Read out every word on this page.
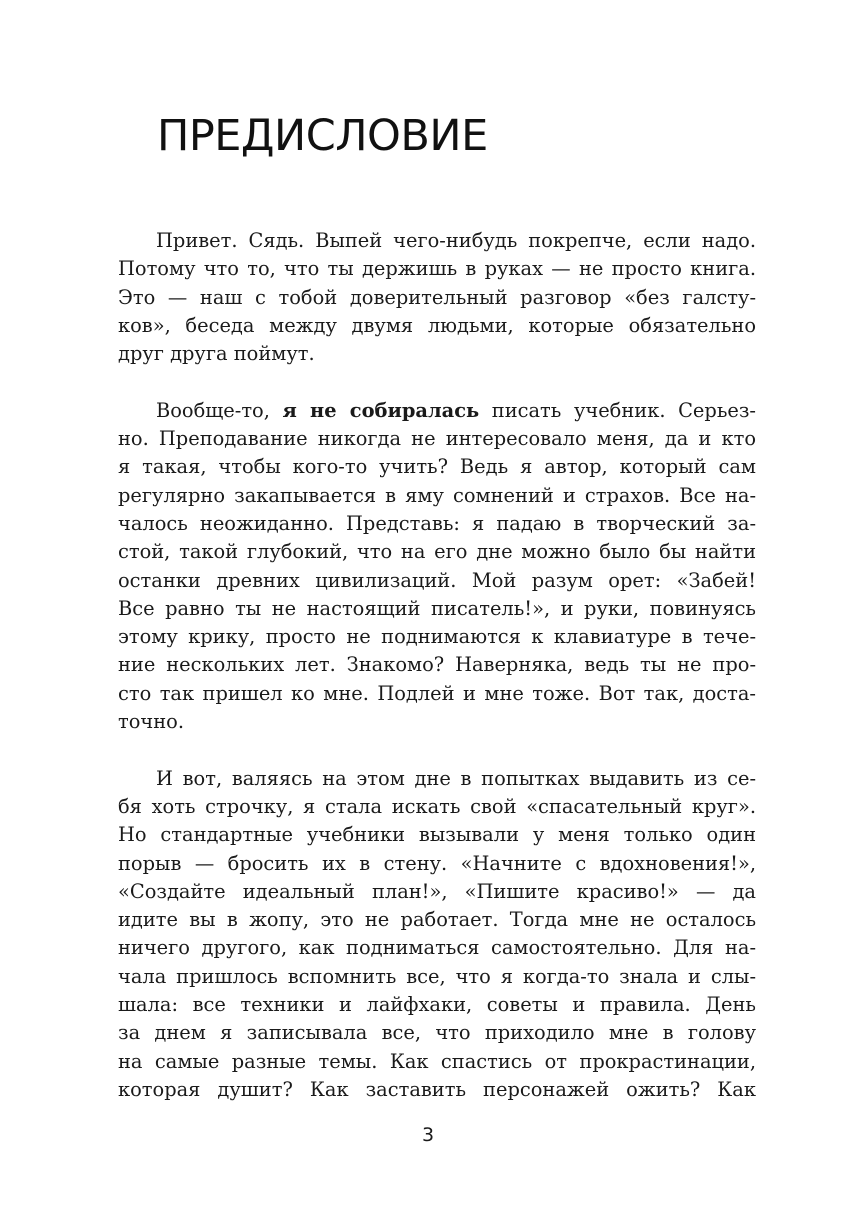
ПРЕДИСЛОВИЕ

Привет. Сядь. Выпей чего-нибудь покрепче, если надо.
Потому что то, что ты держишь в руках — не просто книга.
Это — наш с тобой доверительный разговор «без галсту-
ков», беседа между двумя людьми, которые обязательно
друг друга поймут.

Вообще-то, я не собиралась писать учебник. Серьез-
но. Преподавание никогда не интересовало меня, да и кто
я такая, чтобы кого-то учить? Ведь я автор, который сам
регулярно закапывается в яму сомнений и страхов. Все на-
чалось неожиданно. Представь: я падаю в творческий за-
стой, такой глубокий, что на его дне можно было бы найти
останки древних цивилизаций. Мой разум орет: «Забей!
Все равно ты не настоящий писатель!», и руки, повинуясь
этому крику, просто не поднимаются к клавиатуре в тече-
ние нескольких лет. Знакомо? Наверняка, ведь ты не про-
сто так пришел ко мне. Подлей и мне тоже. Вот так, доста-
точно.

И вот, валяясь на этом дне в попытках выдавить из се-
бя хоть строчку, я стала искать свой «спасательный круг».
Но стандартные учебники вызывали у меня только один
порыв — бросить их в стену. «Начните с вдохновения!»,
«Создайте идеальный план!», «Пишите красиво!» — да
идите вы в жопу, это не работает. Тогда мне не осталось
ничего другого, как подниматься самостоятельно. Для на-
чала пришлось вспомнить все, что я когда-то знала и слы-
шала: все техники и лайфхаки, советы и правила. День
за днем я записывала все, что приходило мне в голову
на самые разные темы. Как спастись от прокрастинации,
которая душит? Как заставить персонажей ожить? Как

3
